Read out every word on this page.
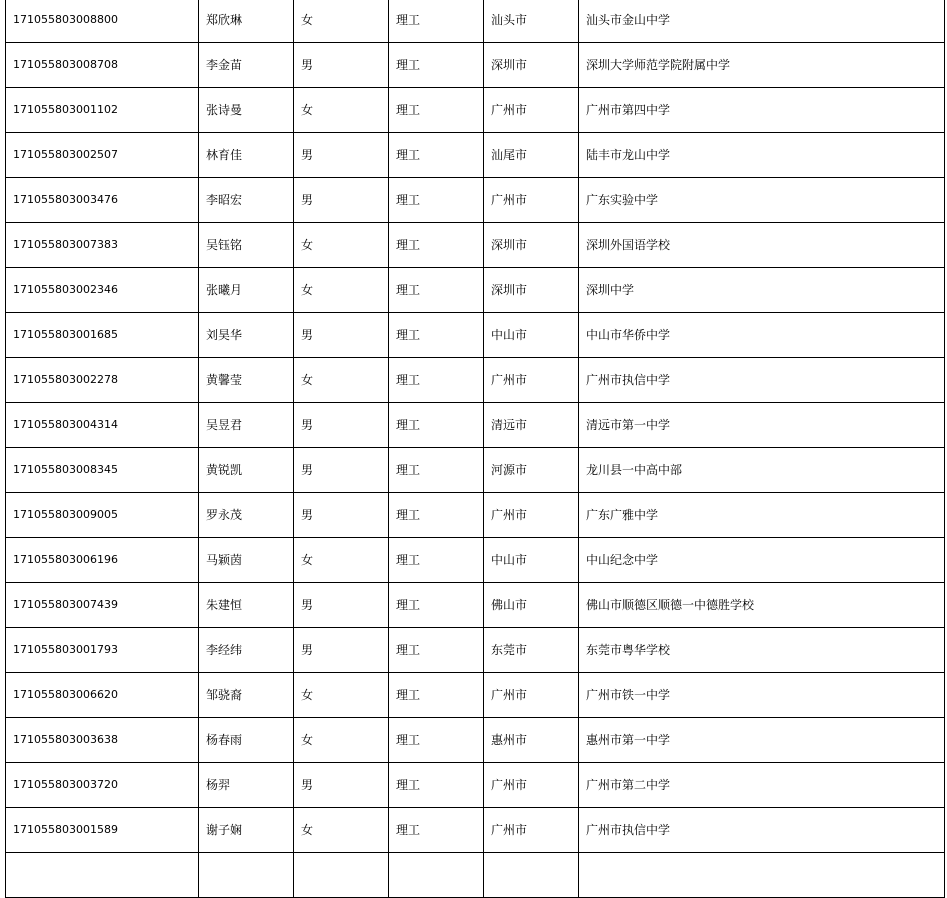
171055803008800	郑欣琳	女	理工	汕头市	汕头市金山中学
171055803008708	李金苗	男	理工	深圳市	深圳大学师范学院附属中学
171055803001102	张诗曼	女	理工	广州市	广州市第四中学
171055803002507	林育佳	男	理工	汕尾市	陆丰市龙山中学
171055803003476	李昭宏	男	理工	广州市	广东实验中学
171055803007383	吴钰铭	女	理工	深圳市	深圳外国语学校
171055803002346	张曦月	女	理工	深圳市	深圳中学
171055803001685	刘昊华	男	理工	中山市	中山市华侨中学
171055803002278	黄馨莹	女	理工	广州市	广州市执信中学
171055803004314	吴昱君	男	理工	清远市	清远市第一中学
171055803008345	黄锐凯	男	理工	河源市	龙川县一中高中部
171055803009005	罗永茂	男	理工	广州市	广东广雅中学
171055803006196	马颖茵	女	理工	中山市	中山纪念中学
171055803007439	朱建恒	男	理工	佛山市	佛山市顺德区顺德一中德胜学校
171055803001793	李经纬	男	理工	东莞市	东莞市粤华学校
171055803006620	邹骁裔	女	理工	广州市	广州市铁一中学
171055803003638	杨春雨	女	理工	惠州市	惠州市第一中学
171055803003720	杨羿	男	理工	广州市	广州市第二中学
171055803001589	谢子娴	女	理工	广州市	广州市执信中学
